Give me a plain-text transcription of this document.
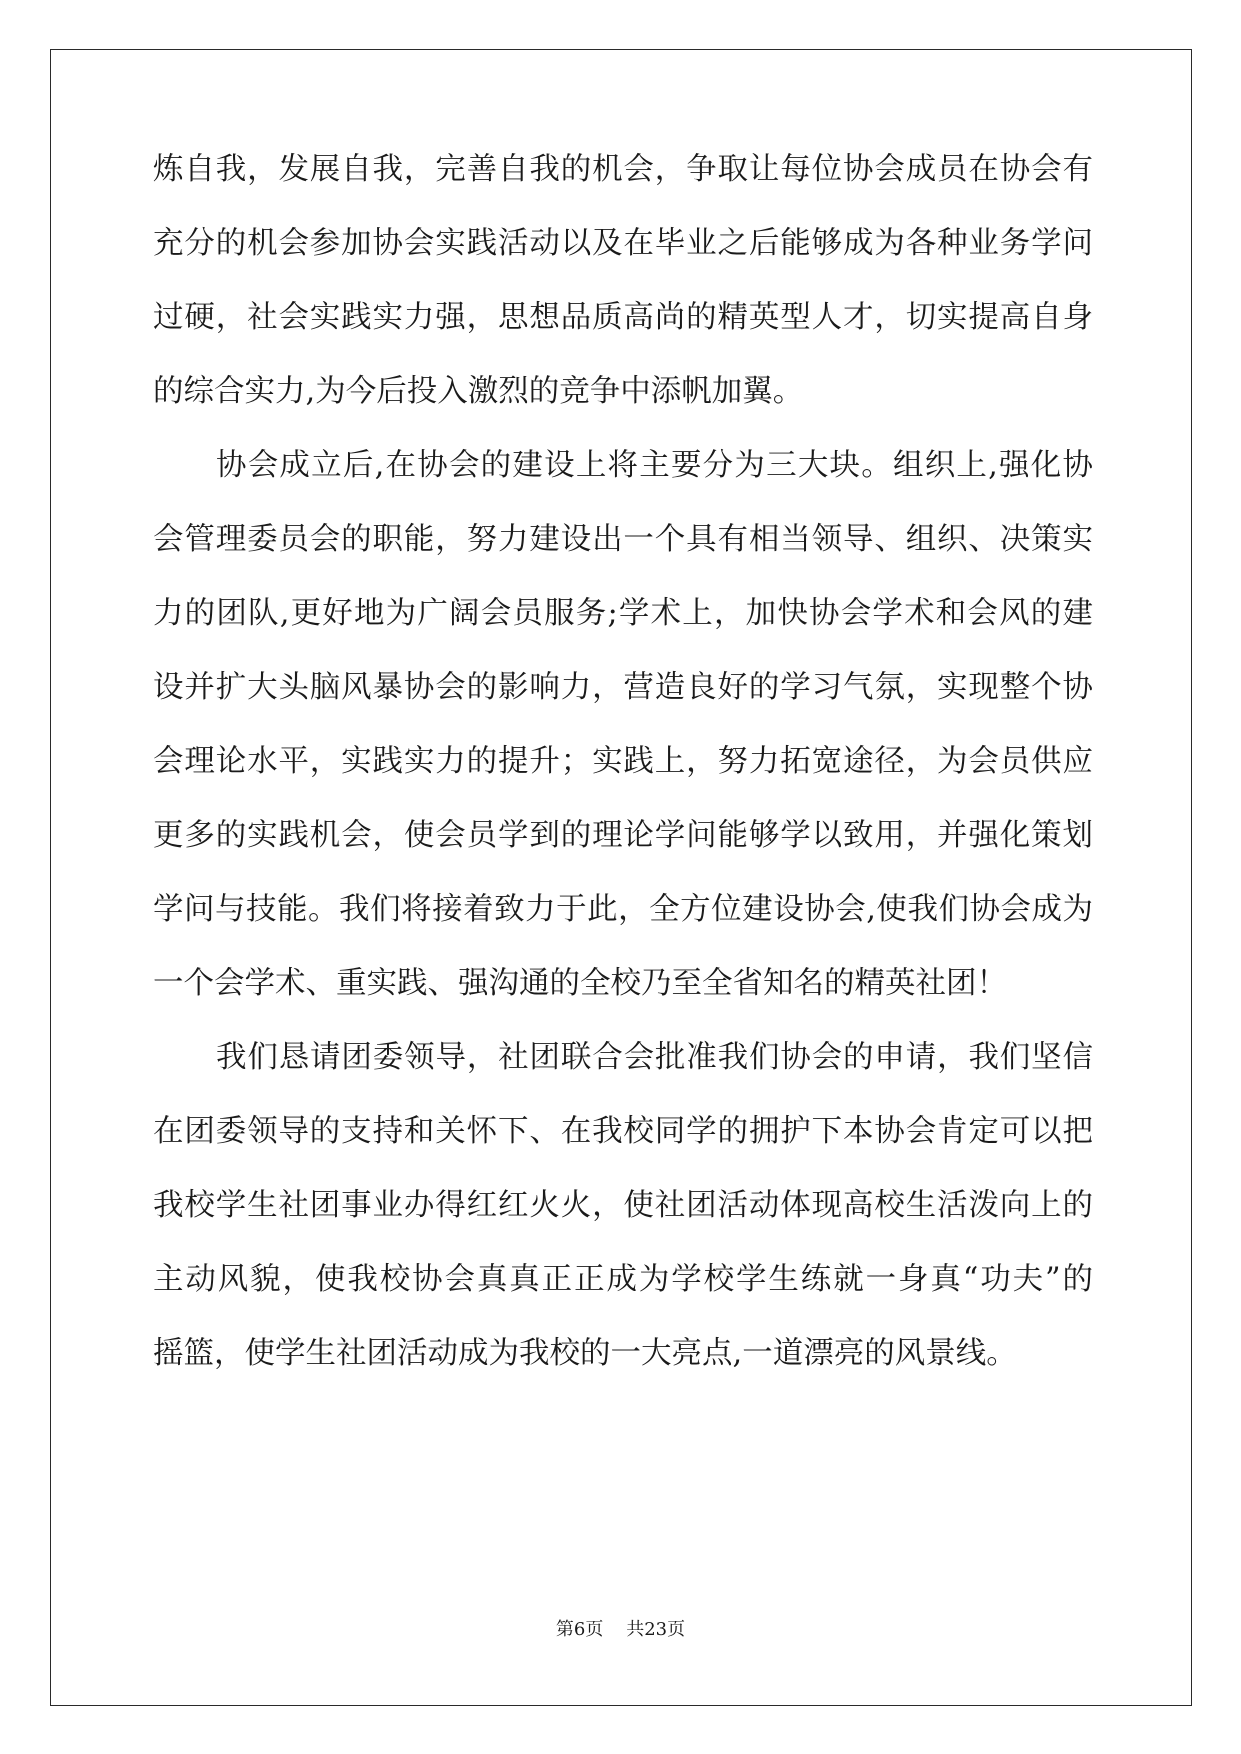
炼自我，发展自我，完善自我的机会，争取让每位协会成员在协会有
充分的机会参加协会实践活动以及在毕业之后能够成为各种业务学问
过硬，社会实践实力强，思想品质高尚的精英型人才，切实提高自身
的综合实力,为今后投入激烈的竞争中添帆加翼。
协会成立后,在协会的建设上将主要分为三大块。组织上,强化协
会管理委员会的职能，努力建设出一个具有相当领导、组织、决策实
力的团队,更好地为广阔会员服务;学术上，加快协会学术和会风的建
设并扩大头脑风暴协会的影响力，营造良好的学习气氛，实现整个协
会理论水平，实践实力的提升；实践上，努力拓宽途径，为会员供应
更多的实践机会，使会员学到的理论学问能够学以致用，并强化策划
学问与技能。我们将接着致力于此，全方位建设协会,使我们协会成为
一个会学术、重实践、强沟通的全校乃至全省知名的精英社团！
我们恳请团委领导，社团联合会批准我们协会的申请，我们坚信
在团委领导的支持和关怀下、在我校同学的拥护下本协会肯定可以把
我校学生社团事业办得红红火火，使社团活动体现高校生活泼向上的
主动风貌，使我校协会真真正正成为学校学生练就一身真“功夫”的
摇篮，使学生社团活动成为我校的一大亮点,一道漂亮的风景线。
第6页 共23页
